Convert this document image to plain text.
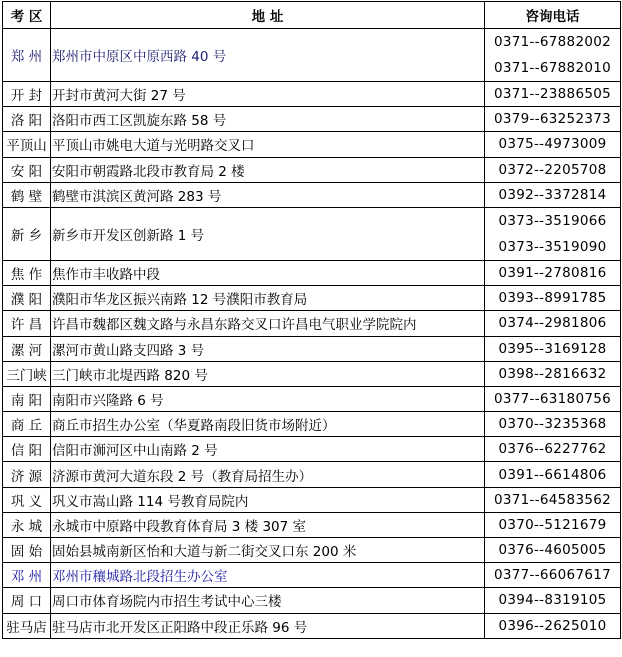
考 区	地 址	咨询电话
郑 州	郑州市中原区中原西路 40 号	0371--67882002
0371--67882010

开 封	开封市黄河大街 27 号	0371--23886505

洛 阳	洛阳市西工区凯旋东路 58 号	0379--63252373

平顶山	平顶山市姚电大道与光明路交叉口	0375--4973009

安 阳	安阳市朝霞路北段市教育局 2 楼	0372--2205708

鹤 壁	鹤壁市淇滨区黄河路 283 号	0392--3372814

新 乡	新乡市开发区创新路 1 号	0373--3519066
0373--3519090

焦 作	焦作市丰收路中段	0391--2780816

濮 阳	濮阳市华龙区振兴南路 12 号濮阳市教育局	0393--8991785

许 昌	许昌市魏都区魏文路与永昌东路交叉口许昌电气职业学院院内	0374--2981806

漯 河	漯河市黄山路支四路 3 号	0395--3169128

三门峡	三门峡市北堤西路 820 号	0398--2816632

南 阳	南阳市兴隆路 6 号	0377--63180756

商 丘	商丘市招生办公室（华夏路南段旧货市场附近）	0370--3235368

信 阳	信阳市浉河区中山南路 2 号	0376--6227762

济 源	济源市黄河大道东段 2 号（教育局招生办）	0391--6614806

巩 义	巩义市嵩山路 114 号教育局院内	0371--64583562

永 城	永城市中原路中段教育体育局 3 楼 307 室	0370--5121679

固 始	固始县城南新区怡和大道与新二街交叉口东 200 米	0376--4605005

邓 州	邓州市穰城路北段招生办公室	0377--66067617

周 口	周口市体育场院内市招生考试中心三楼	0394--8319105

驻马店	驻马店市北开发区正阳路中段正乐路 96 号	0396--2625010
